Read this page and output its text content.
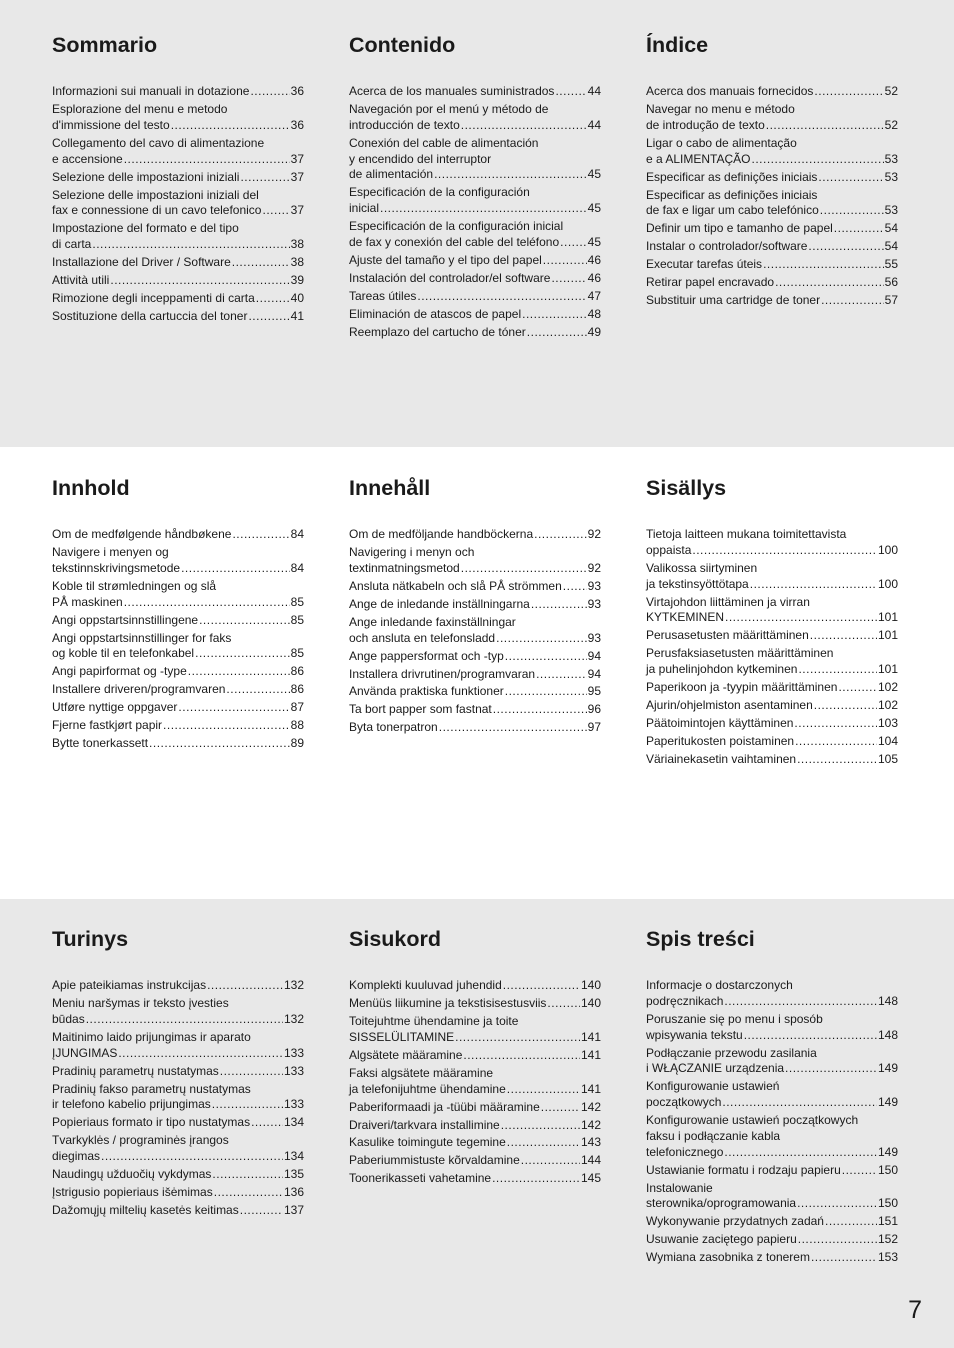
Sommario
Informazioni sui manuali in dotazione .....	36
Esplorazione del menu e metodo
d'immissione del testo .....	36
Collegamento del cavo di alimentazione
e accensione .....	37
Selezione delle impostazioni iniziali .....	37
Selezione delle impostazioni iniziali del
fax e connessione di un cavo telefonico ..... 37
Impostazione del formato e del tipo
di carta .....	38
Installazione del Driver / Software .....	38
Attività utili .....	39
Rimozione degli inceppamenti di carta .....	40
Sostituzione della cartuccia del toner .....	41
Contenido
Acerca de los manuales suministrados .....	44
Navegación por el menú y método de
introducción de texto .....	44
Conexión del cable de alimentación
y encendido del interruptor
de alimentación .....	45
Especificación de la configuración
inicial .....	45
Especificación de la configuración inicial
de fax y conexión del cable del teléfono ..... 45
Ajuste del tamaño y el tipo del papel .....	46
Instalación del controlador/el software .....	46
Tareas útiles .....	47
Eliminación de atascos de papel .....	48
Reemplazo del cartucho de tóner .....	49
Índice
Acerca dos manuais fornecidos .....	52
Navegar no menu e método
de introdução de texto .....	52
Ligar o cabo de alimentação
e a ALIMENTAÇÃO .....	53
Especificar as definições iniciais .....	53
Especificar as definições iniciais
de fax e ligar um cabo telefónico .....	53
Definir um tipo e tamanho de papel .....	54
Instalar o controlador/software .....	54
Executar tarefas úteis .....	55
Retirar papel encravado .....	56
Substituir uma cartridge de toner .....	57
Innhold
Om de medfølgende håndbøkene .....	84
Navigere i menyen og
tekstinnskrivingsmetode .....	84
Koble til strømledningen og slå
PÅ maskinen .....	85
Angi oppstartsinnstillingene .....	85
Angi oppstartsinnstillinger for faks
og koble til en telefonkabel .....	85
Angi papirformat og -type .....	86
Installere driveren/programvaren .....	86
Utføre nyttige oppgaver .....	87
Fjerne fastkjørt papir .....	88
Bytte tonerkassett .....	89
Innehåll
Om de medföljande handböckerna .....	92
Navigering i menyn och
textinmatningsmetod .....	92
Ansluta nätkabeln och slå PÅ strömmen ..... 93
Ange de inledande inställningarna .....	93
Ange inledande faxinställningar
och ansluta en telefonsladd .....	93
Ange pappersformat och -typ .....	94
Installera drivrutinen/programvaran .....	94
Använda praktiska funktioner .....	95
Ta bort papper som fastnat .....	96
Byta tonerpatron .....	97
Sisällys
Tietoja laitteen mukana toimitettavista
oppaista .....	100
Valikossa siirtyminen
ja tekstinsyöttötapa .....	100
Virtajohdon liittäminen ja virran
KYTKEMINEN .....	101
Perusasetusten määrittäminen .....	101
Perusfaksiasetusten määrittäminen
ja puhelinjohdon kytkeminen .....	101
Paperikoon ja -tyypin määrittäminen .....	102
Ajurin/ohjelmiston asentaminen .....	102
Päätoimintojen käyttäminen .....	103
Paperitukosten poistaminen .....	104
Väriainekasetin vaihtaminen .....	105
Turinys
Apie pateikiamas instrukcijas .....	132
Meniu naršymas ir teksto įvesties
būdas .....	132
Maitinimo laido prijungimas ir aparato
ĮJUNGIMAS .....	133
Pradinių parametrų nustatymas .....	133
Pradinių fakso parametrų nustatymas
ir telefono kabelio prijungimas .....	133
Popieriaus formato ir tipo nustatymas .....	134
Tvarkyklės / programinės įrangos
diegimas .....	134
Naudingų užduočių vykdymas .....	135
Įstrigusio popieriaus išėmimas .....	136
Dažomųjų miltelių kasetės keitimas .....	137
Sisukord
Komplekti kuuluvad juhendid .....	140
Menüüs liikumine ja tekstisisestusviis .....	140
Toitejuhtme ühendamine ja toite
SISSELÜLITAMINE .....	141
Algsätete määramine .....	141
Faksi algsätete määramine
ja telefonijuhtme ühendamine .....	141
Paberiformaadi ja -tüübi määramine .....	142
Draiveri/tarkvara installimine .....	142
Kasulike toimingute tegemine .....	143
Paberiummistuste kõrvaldamine .....	144
Toonerikasseti vahetamine .....	145
Spis treści
Informacje o dostarczonych
podręcznikach .....	148
Poruszanie się po menu i sposób
wpisywania tekstu .....	148
Podłączanie przewodu zasilania
i WŁĄCZANIE urządzenia .....	149
Konfigurowanie ustawień
początkowych .....	149
Konfigurowanie ustawień początkowych
faksu i podłączanie kabla
telefonicznego .....	149
Ustawianie formatu i rodzaju papieru .....	150
Instalowanie
sterownika/oprogramowania .....	150
Wykonywanie przydatnych zadań .....	151
Usuwanie zaciętego papieru .....	152
Wymiana zasobnika z tonerem .....	153
7
